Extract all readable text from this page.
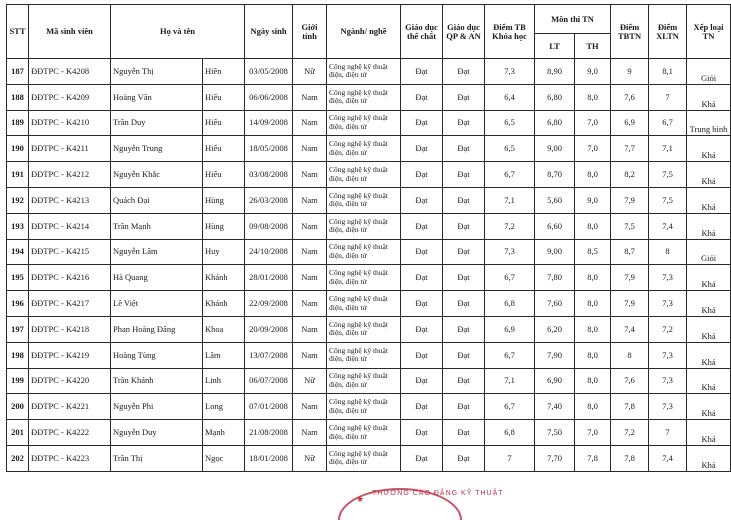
STT	Mã sinh viên	Họ và tên		Ngày sinh	Giới tính	Ngành/ nghề	Giáo dục thể chất	Giáo dục QP & AN	Điểm TB Khóa học	Môn thi TN		Điểm TBTN	Điểm XLTN	Xếp loại TN
										LT	TH			
187	ĐĐTPC - K4208	Nguyễn Thị	Hiên	03/05/2008	Nữ	Công nghệ kỹ thuật điện, điện tử	Đạt	Đạt	7,3	8,90	9,0	9	8,1	Giỏi
188	ĐĐTPC - K4209	Hoàng Văn	Hiếu	06/06/2008	Nam	Công nghệ kỹ thuật điện, điện tử	Đạt	Đạt	6,4	6,80	8,0	7,6	7	Khá
189	ĐĐTPC - K4210	Trần Duy	Hiếu	14/09/2008	Nam	Công nghệ kỹ thuật điện, điện tử	Đạt	Đạt	6,5	6,80	7,0	6,9	6,7	Trung bình
190	ĐĐTPC - K4211	Nguyễn Trung	Hiếu	18/05/2008	Nam	Công nghệ kỹ thuật điện, điện tử	Đạt	Đạt	6,5	9,00	7,0	7,7	7,1	Khá
191	ĐĐTPC - K4212	Nguyễn Khắc	Hiếu	03/08/2008	Nam	Công nghệ kỹ thuật điện, điện tử	Đạt	Đạt	6,7	8,70	8,0	8,2	7,5	Khá
192	ĐĐTPC - K4213	Quách Đại	Hùng	26/03/2008	Nam	Công nghệ kỹ thuật điện, điện tử	Đạt	Đạt	7,1	5,60	9,0	7,9	7,5	Khá
193	ĐĐTPC - K4214	Trần Mạnh	Hùng	09/08/2008	Nam	Công nghệ kỹ thuật điện, điện tử	Đạt	Đạt	7,2	6,60	8,0	7,5	7,4	Khá
194	ĐĐTPC - K4215	Nguyễn Lâm	Huy	24/10/2008	Nam	Công nghệ kỹ thuật điện, điện tử	Đạt	Đạt	7,3	9,00	8,5	8,7	8	Giỏi
195	ĐĐTPC - K4216	Hà Quang	Khánh	28/01/2008	Nam	Công nghệ kỹ thuật điện, điện tử	Đạt	Đạt	6,7	7,80	8,0	7,9	7,3	Khá
196	ĐĐTPC - K4217	Lê Việt	Khánh	22/09/2008	Nam	Công nghệ kỹ thuật điện, điện tử	Đạt	Đạt	6,8	7,60	8,0	7,9	7,3	Khá
197	ĐĐTPC - K4218	Phan Hoàng Đăng	Khoa	20/09/2008	Nam	Công nghệ kỹ thuật điện, điện tử	Đạt	Đạt	6,9	6,20	8,0	7,4	7,2	Khá
198	ĐĐTPC - K4219	Hoàng Tùng	Lâm	13/07/2008	Nam	Công nghệ kỹ thuật điện, điện tử	Đạt	Đạt	6,7	7,90	8,0	8	7,3	Khá
199	ĐĐTPC - K4220	Trần Khánh	Linh	06/07/2008	Nữ	Công nghệ kỹ thuật điện, điện tử	Đạt	Đạt	7,1	6,90	8,0	7,6	7,3	Khá
200	ĐĐTPC - K4221	Nguyễn Phi	Long	07/01/2008	Nam	Công nghệ kỹ thuật điện, điện tử	Đạt	Đạt	6,7	7,40	8,0	7,8	7,3	Khá
201	ĐĐTPC - K4222	Nguyễn Duy	Mạnh	21/08/2008	Nam	Công nghệ kỹ thuật điện, điện tử	Đạt	Đạt	6,8	7,50	7,0	7,2	7	Khá
202	ĐĐTPC - K4223	Trần Thị	Ngọc	18/01/2008	Nữ	Công nghệ kỹ thuật điện, điện tử	Đạt	Đạt	7	7,70	7,8	7,8	7,4	Khá
★
THƯỜNG CAO ĐẲNG KỸ THUẬT
